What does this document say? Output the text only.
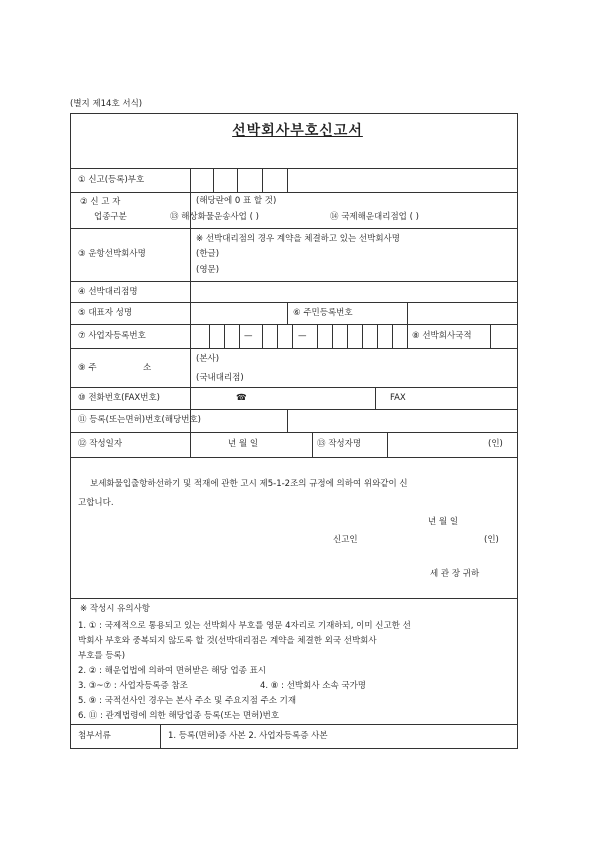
(별지 제14호 서식)
선박회사부호신고서
① 신고(등록)부호
② 신 고 자
업종구분
(해당란에 0 표 할 것)
⑬ 해상화물운송사업 ( )	⑭ 국제해운대리점업 ( )
③ 운항선박회사명
※ 선박대리점의 경우 계약을 체결하고 있는 선박회사명
(한글)
(영문)
④ 선박대리점명
⑤ 대표자 성명	⑥ 주민등록번호
⑦ 사업자등록번호	—	—	⑧ 선박회사국적
⑨ 주	소
(본사)
(국내대리점)
⑩ 전화번호(FAX번호)	☎	FAX
⑪ 등록(또는면허)번호(해당번호)
⑫ 작성일자	년 월 일	⑬ 작성자명	(인)
보세화물입출항하선하기 및 적재에 관한 고시 제5-1-2조의 규정에 의하여 위와같이 신
고합니다.
년 월 일
신고인	(인)
세 관 장 귀하
※ 작성시 유의사항
1. ① : 국제적으로 통용되고 있는 선박회사 부호를 영문 4자리로 기재하되, 이미 신고한 선
박회사 부호와 중복되지 않도록 할 것(선박대리점은 계약을 체결한 외국 선박회사
부호를 등록)
2. ② : 해운업법에 의하여 면허받은 해당 업종 표시
3. ③~⑦ : 사업자등록증 참조	4. ⑧ : 선박회사 소속 국가명
5. ⑨ : 국적선사인 경우는 본사 주소 및 주요지점 주소 기재
6. ⑪ : 관계법령에 의한 해당업종 등록(또는 면허)번호
첨부서류	1. 등록(면허)증 사본 2. 사업자등록증 사본
